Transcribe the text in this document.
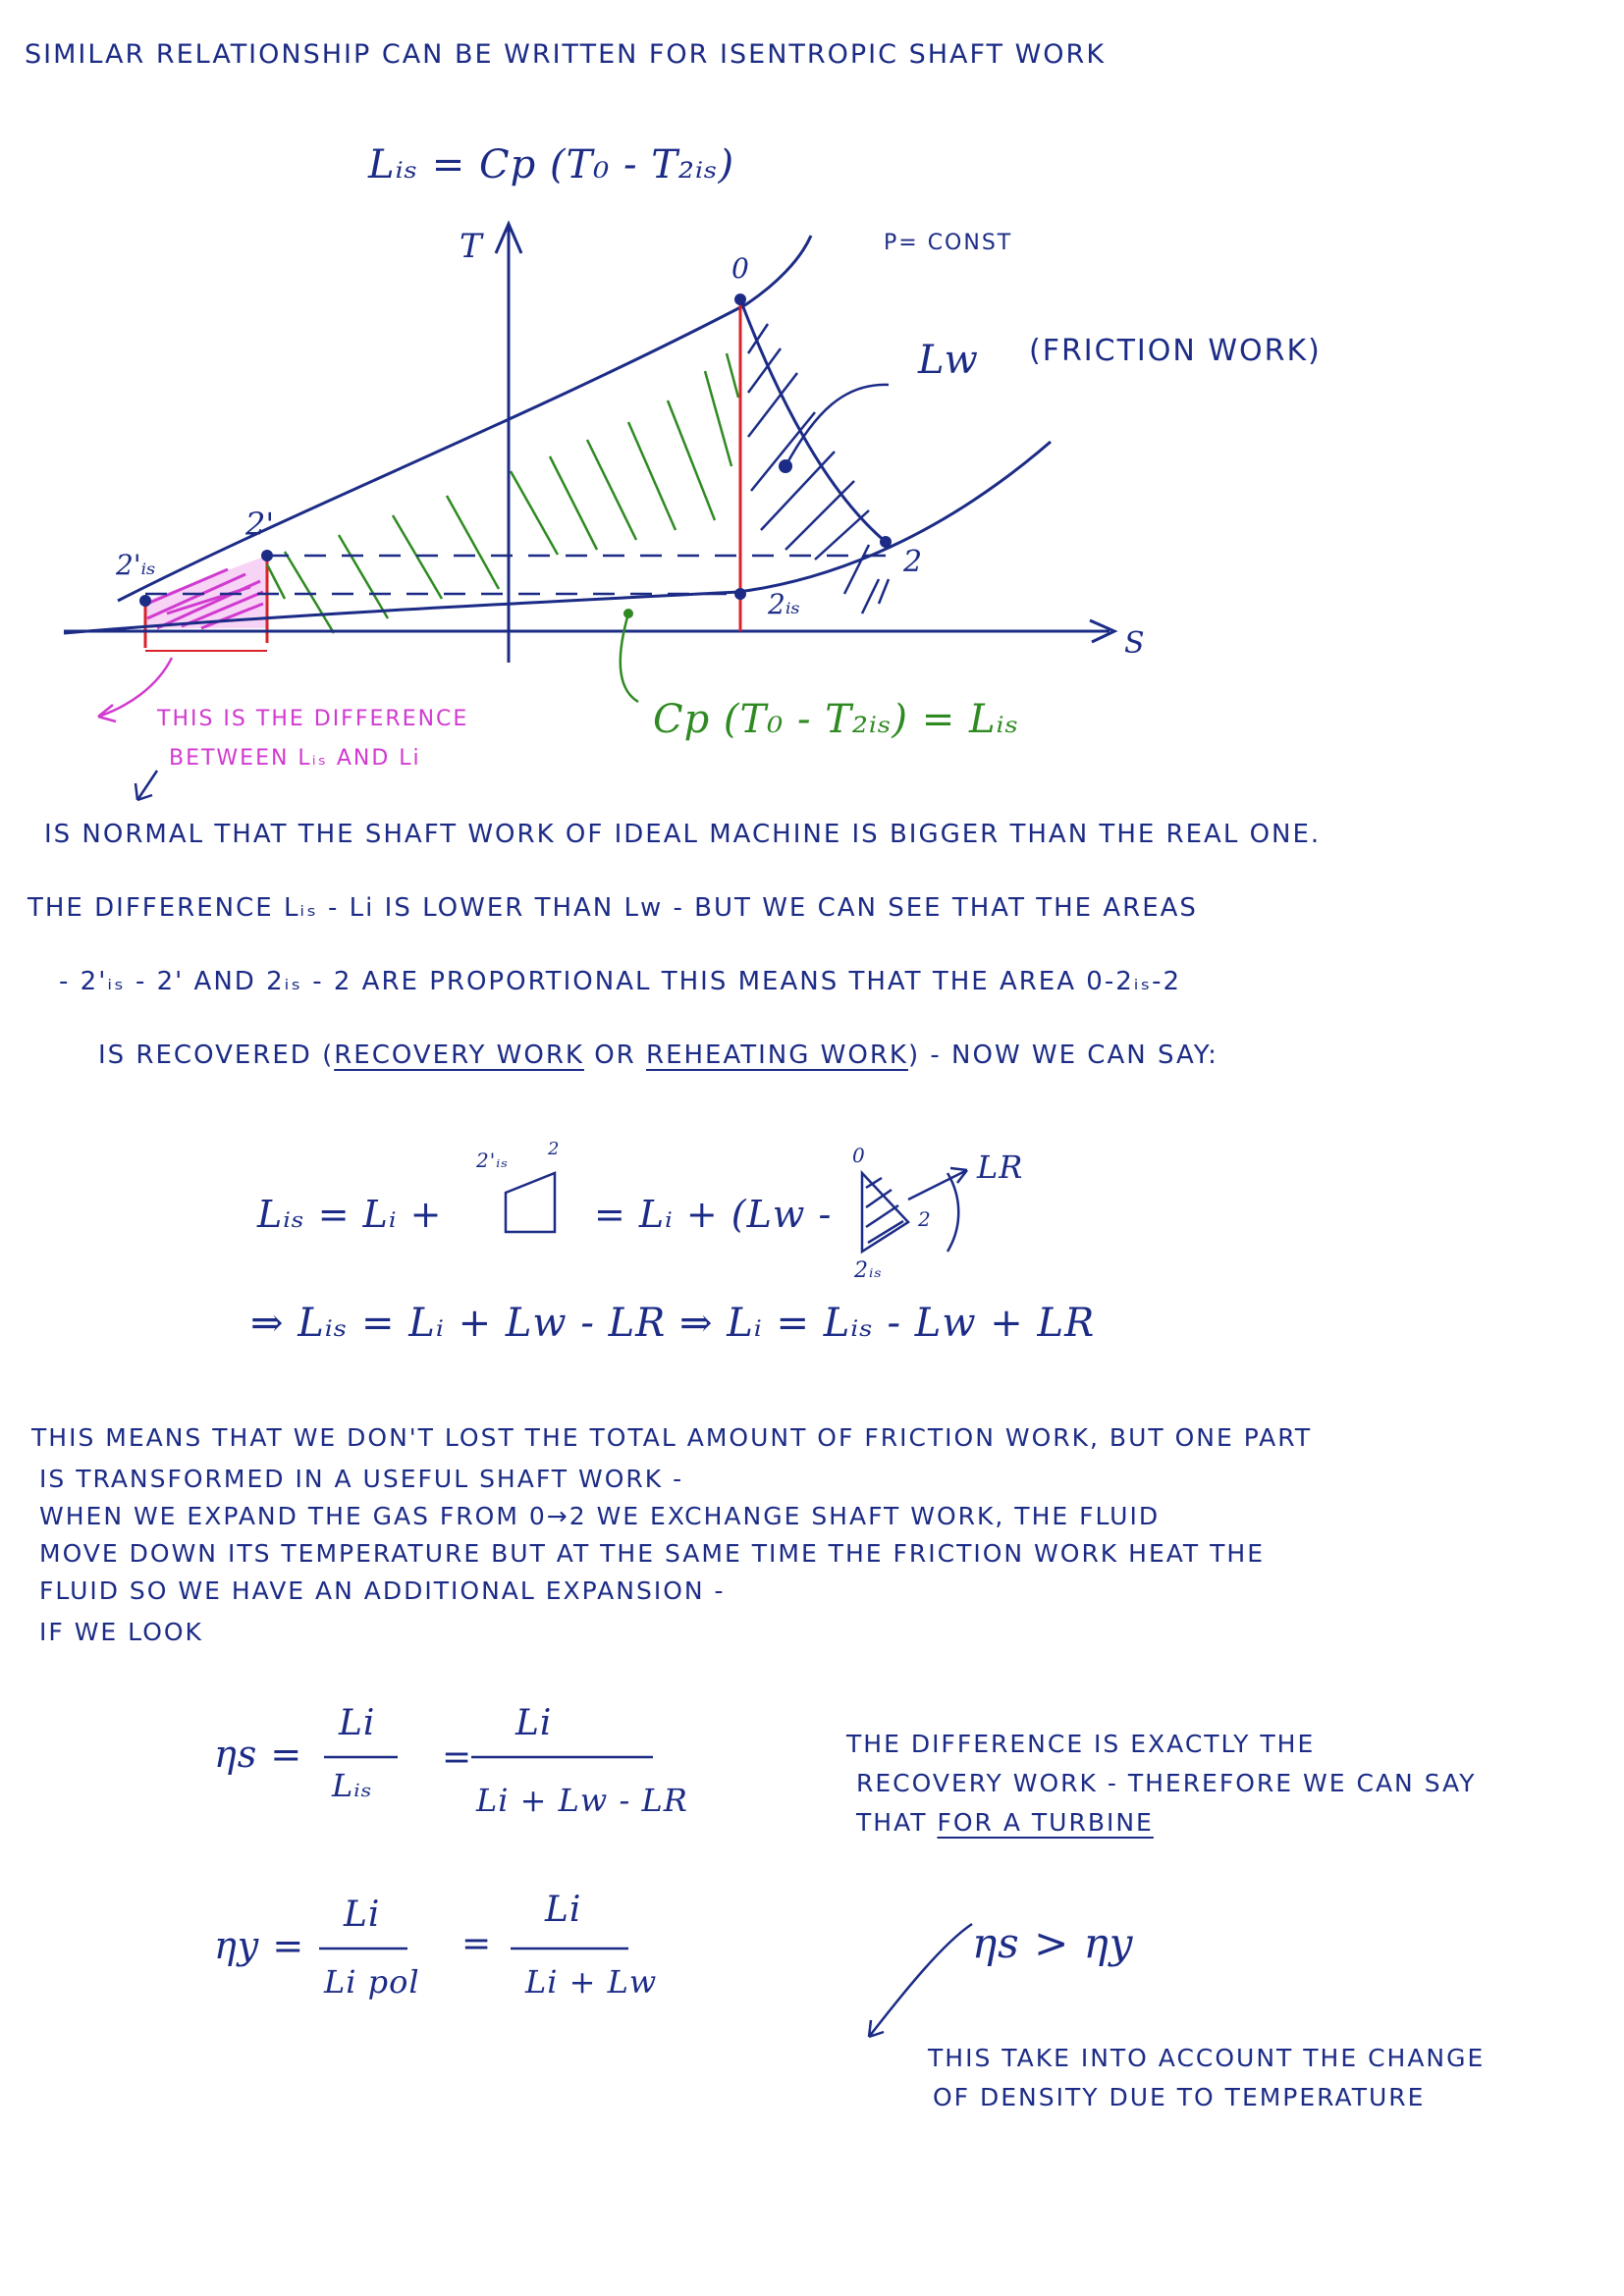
SIMILAR RELATIONSHIP CAN BE WRITTEN FOR ISENTROPIC SHAFT WORK
Lᵢₛ = Cp (T₀ - T₂ᵢₛ)
T
S
0
2
2ᵢₛ
2'
2'ᵢₛ
Lw
P= CONST
(FRICTION WORK)
Cp (T₀ - T₂ᵢₛ) = Lᵢₛ
THIS IS THE DIFFERENCE
BETWEEN Lᵢₛ AND Li
IS NORMAL THAT THE SHAFT WORK OF IDEAL MACHINE IS BIGGER THAN THE REAL ONE.
THE DIFFERENCE Lᵢₛ - Li IS LOWER THAN Lw - BUT WE CAN SEE THAT THE AREAS
- 2'ᵢₛ - 2' AND 2ᵢₛ - 2 ARE PROPORTIONAL THIS MEANS THAT THE AREA 0-2ᵢₛ-2
IS RECOVERED (RECOVERY WORK OR REHEATING WORK) - NOW WE CAN SAY:
Lᵢₛ = Lᵢ +
2'ᵢₛ 2
= Lᵢ + (Lw -
0
2
2ᵢₛ
LR
⇒ Lᵢₛ = Lᵢ + Lw - LR ⇒ Lᵢ = Lᵢₛ - Lw + LR
THIS MEANS THAT WE DON'T LOST THE TOTAL AMOUNT OF FRICTION WORK, BUT ONE PART
IS TRANSFORMED IN A USEFUL SHAFT WORK -
WHEN WE EXPAND THE GAS FROM 0→2 WE EXCHANGE SHAFT WORK, THE FLUID
MOVE DOWN ITS TEMPERATURE BUT AT THE SAME TIME THE FRICTION WORK HEAT THE
FLUID SO WE HAVE AN ADDITIONAL EXPANSION -
IF WE LOOK
ηs =
Li
Lᵢₛ
=
Li
Li + Lw - LR
ηy =
Li
Li pol
=
Li
Li + Lw
THE DIFFERENCE IS EXACTLY THE
RECOVERY WORK - THEREFORE WE CAN SAY
THAT FOR A TURBINE
ηs > ηy
THIS TAKE INTO ACCOUNT THE CHANGE
OF DENSITY DUE TO TEMPERATURE
